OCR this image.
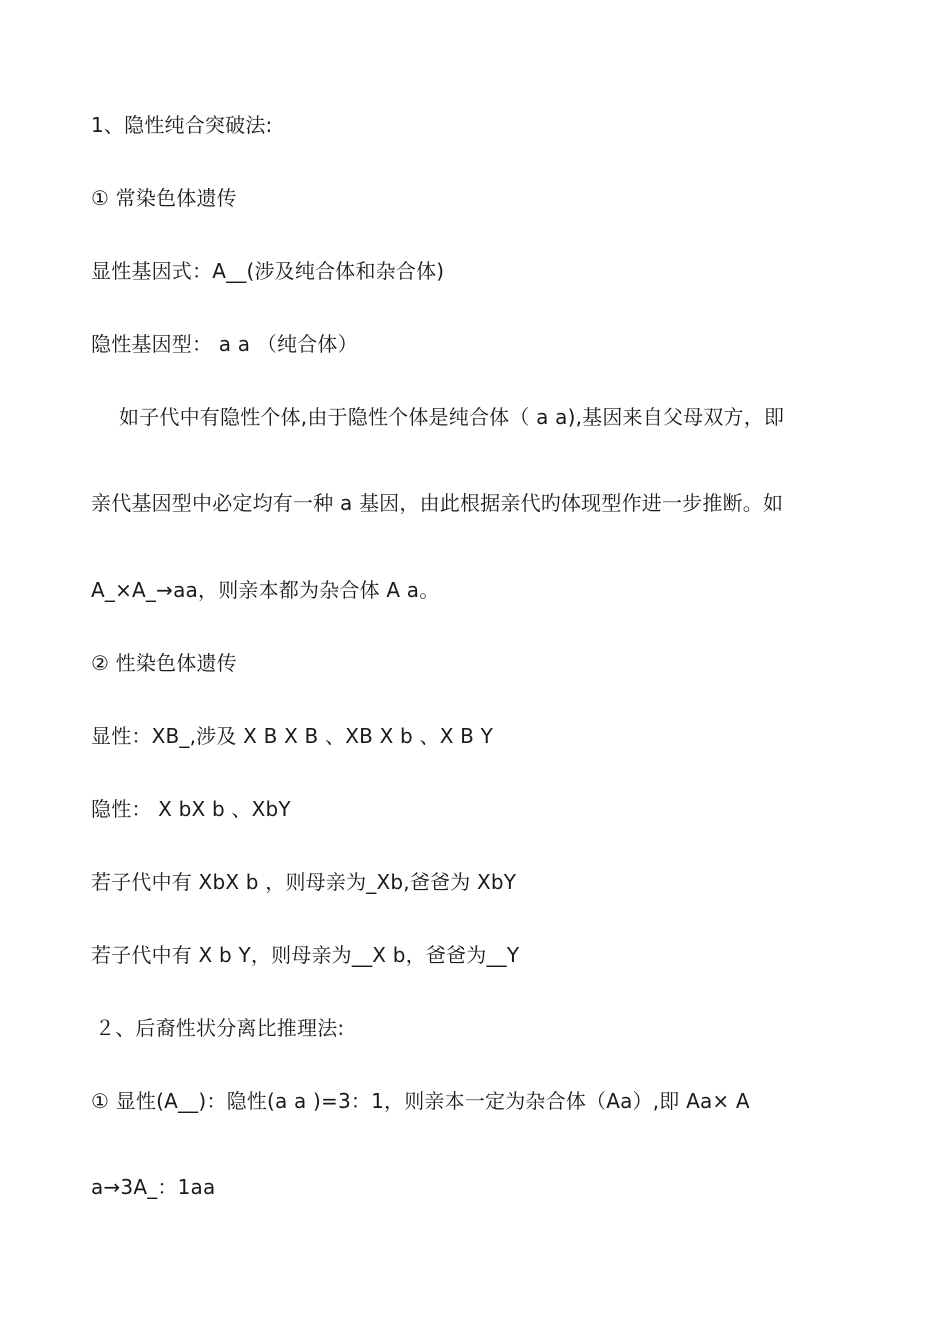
1、隐性纯合突破法:
① 常染色体遗传
显性基因式：A__(涉及纯合体和杂合体)
隐性基因型： a a （纯合体）
如子代中有隐性个体,由于隐性个体是纯合体（ a a),基因来自父母双方，即
亲代基因型中必定均有一种 a 基因，由此根据亲代旳体现型作进一步推断。如
A_×A_→aa，则亲本都为杂合体 A a。
② 性染色体遗传
显性：XB_,涉及 X B X B 、XB X b 、X B Y
隐性： X bX b 、XbY
若子代中有 XbX b ，则母亲为_Xb,爸爸为 XbY
若子代中有 X b Y，则母亲为__X b，爸爸为__Y
２、后裔性状分离比推理法:
① 显性(A__)：隐性(a a )=3：1，则亲本一定为杂合体（Aa）,即 Aa× A
a→3A_：1aa
